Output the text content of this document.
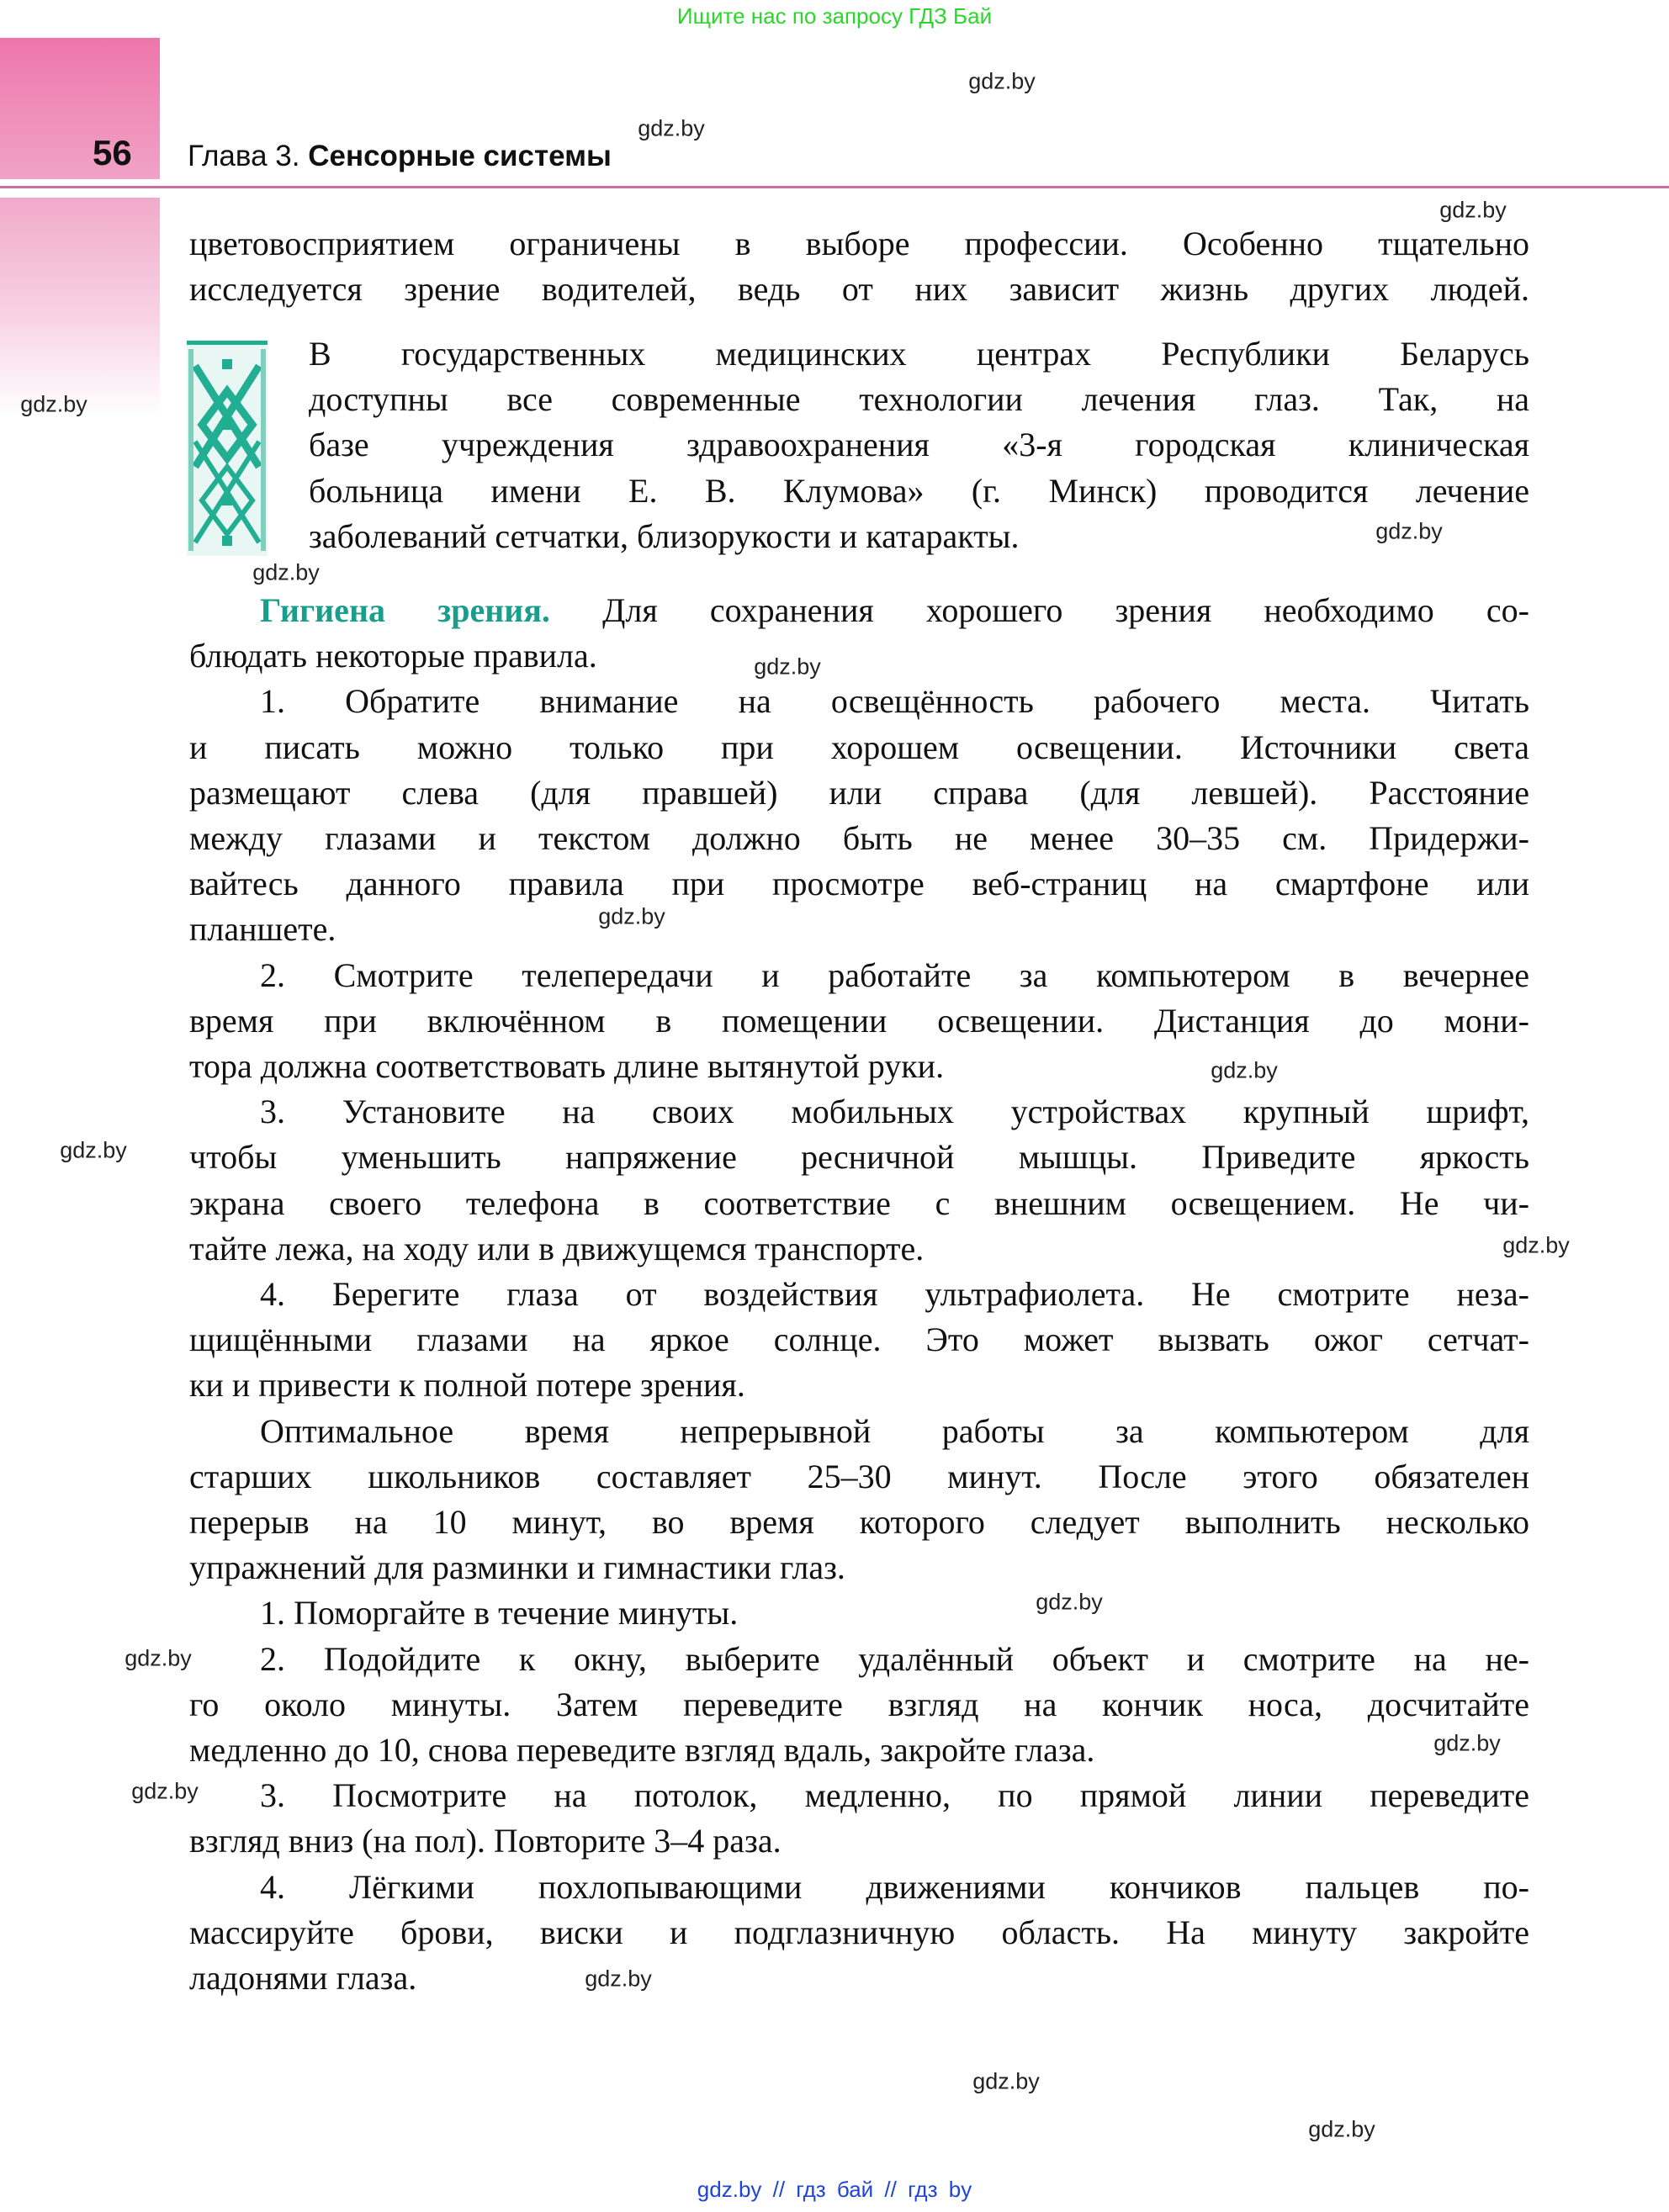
Ищите нас по запросу ГДЗ Бай
56 Глава 3. Сенсорные системы
цветовосприятием ограничены в выборе профессии. Особенно тщательно
исследуется зрение водителей, ведь от них зависит жизнь других людей.
В государственных медицинских центрах Республики Беларусь
доступны все современные технологии лечения глаз. Так, на
базе учреждения здравоохранения «3-я городская клиническая
больница имени Е. В. Клумова» (г. Минск) проводится лечение
заболеваний сетчатки, близорукости и катаракты.
Гигиена зрения. Для сохранения хорошего зрения необходимо со-
блюдать некоторые правила.
1. Обратите внимание на освещённость рабочего места. Читать
и писать можно только при хорошем освещении. Источники света
размещают слева (для правшей) или справа (для левшей). Расстояние
между глазами и текстом должно быть не менее 30–35 см. Придержи-
вайтесь данного правила при просмотре веб-страниц на смартфоне или
планшете.
2. Смотрите телепередачи и работайте за компьютером в вечернее
время при включённом в помещении освещении. Дистанция до мони-
тора должна соответствовать длине вытянутой руки.
3. Установите на своих мобильных устройствах крупный шрифт,
чтобы уменьшить напряжение ресничной мышцы. Приведите яркость
экрана своего телефона в соответствие с внешним освещением. Не чи-
тайте лежа, на ходу или в движущемся транспорте.
4. Берегите глаза от воздействия ультрафиолета. Не смотрите неза-
щищёнными глазами на яркое солнце. Это может вызвать ожог сетчат-
ки и привести к полной потере зрения.
Оптимальное время непрерывной работы за компьютером для
старших школьников составляет 25–30 минут. После этого обязателен
перерыв на 10 минут, во время которого следует выполнить несколько
упражнений для разминки и гимнастики глаз.
1. Поморгайте в течение минуты.
2. Подойдите к окну, выберите удалённый объект и смотрите на не-
го около минуты. Затем переведите взгляд на кончик носа, досчитайте
медленно до 10, снова переведите взгляд вдаль, закройте глаза.
3. Посмотрите на потолок, медленно, по прямой линии переведите
взгляд вниз (на пол). Повторите 3–4 раза.
4. Лёгкими похлопывающими движениями кончиков пальцев по-
массируйте брови, виски и подглазничную область. На минуту закройте
ладонями глаза.
gdz.by
gdz.by
gdz.by
gdz.by
gdz.by
gdz.by
gdz.by
gdz.by
gdz.by
gdz.by
gdz.by
gdz.by
gdz.by
gdz.by
gdz.by
gdz.by
gdz.by
gdz.by
gdz.by // гдз бай // гдз by
